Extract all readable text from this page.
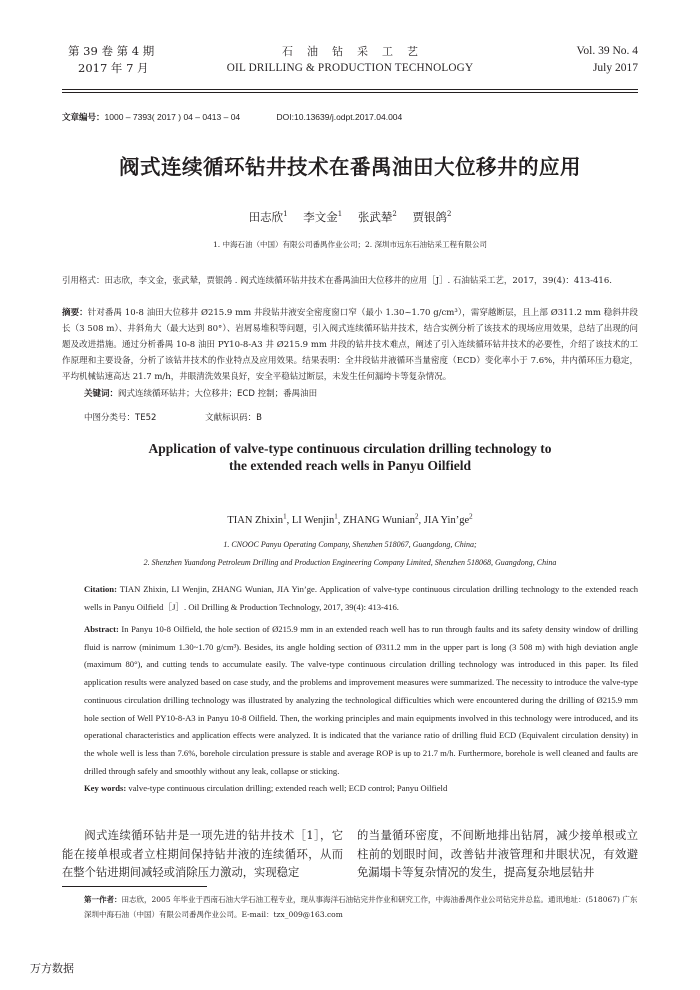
第 39 卷 第 4 期
2017 年 7 月
石油钻采工艺
OIL DRILLING & PRODUCTION TECHNOLOGY
Vol. 39 No. 4
July 2017
文章编号：1000 – 7393( 2017 ) 04 – 0413 – 04	DOI:10.13639/j.odpt.2017.04.004
阀式连续循环钻井技术在番禺油田大位移井的应用
田志欣$^1$ 李文金$^1$ 张武辇$^2$ 贾银鸽$^2$
1. 中海石油（中国）有限公司番禺作业公司；2. 深圳市远东石油钻采工程有限公司
引用格式：田志欣，李文金，张武辇，贾银鸽 . 阀式连续循环钻井技术在番禺油田大位移井的应用［J］. 石油钻采工艺，2017，39(4)：413-416.
摘要：针对番禺 10-8 油田大位移井 Ø215.9 mm 井段钻井液安全密度窗口窄（最小 1.30~1.70 g/cm³），需穿越断层，且上部 Ø311.2 mm 稳斜井段长（3 508 m）、井斜角大（最大达到 80°）、岩屑易堆积等问题，引入阀式连续循环钻井技术，结合实例分析了该技术的现场应用效果，总结了出现的问题及改进措施。通过分析番禺 10-8 油田 PY10-8-A3 井 Ø215.9 mm 井段的钻井技术难点，阐述了引入连续循环钻井技术的必要性，介绍了该技术的工作原理和主要设备，分析了该钻井技术的作业特点及应用效果。结果表明：全井段钻井液循环当量密度（ECD）变化率小于 7.6%，井内循环压力稳定，平均机械钻速高达 21.7 m/h，井眼清洗效果良好，安全平稳钻过断层，未发生任何漏垮卡等复杂情况。
关键词：阀式连续循环钻井；大位移井；ECD 控制；番禺油田
中图分类号：TE52	文献标识码：B
Application of valve-type continuous circulation drilling technology to
the extended reach wells in Panyu Oilfield
TIAN Zhixin$^1$, LI Wenjin$^1$, ZHANG Wunian$^2$, JIA $Yin’ge^2$
1. CNOOC Panyu Operating Company, Shenzhen 518067, Guangdong, China;
2. Shenzhen Yuandong Petroleum Drilling and Production Engineering Company Limited, Shenzhen 518068, Guangdong, China
Citation: TIAN Zhixin, LI Wenjin, ZHANG Wunian, JIA Yin’ge. Application of valve-type continuous circulation drilling technology to the extended reach wells in Panyu Oilfield［J］. Oil Drilling & Production Technology, 2017, 39(4): 413-416.
Abstract: In Panyu 10-8 Oilfield, the hole section of Ø215.9 mm in an extended reach well has to run through faults and its safety density window of drilling fluid is narrow (minimum 1.30~1.70 g/cm³). Besides, its angle holding section of Ø311.2 mm in the upper part is long (3 508 m) with high deviation angle (maximum 80°), and cutting tends to accumulate easily. The valve-type continuous circulation drilling technology was introduced in this paper. Its filed application results were analyzed based on case study, and the problems and improvement measures were summarized. The necessity to introduce the valve-type continuous circulation drilling technology was illustrated by analyzing the technological difficulties which were encountered during the drilling of Ø215.9 mm hole section of Well PY10-8-A3 in Panyu 10-8 Oilfield. Then, the working principles and main equipments involved in this technology were introduced, and its operational characteristics and application effects were analyzed. It is indicated that the variance ratio of drilling fluid ECD (Equivalent circulation density) in the whole well is less than 7.6%, borehole circulation pressure is stable and average ROP is up to 21.7 m/h. Furthermore, borehole is well cleaned and faults are drilled through safely and smoothly without any leak, collapse or sticking.
Key words: valve-type continuous circulation drilling; extended reach well; ECD control; Panyu Oilfield
阀式连续循环钻井是一项先进的钻井技术［1］，它能在接单根或者立柱期间保持钻井液的连续循环，从而在整个钻进期间减轻或消除压力激动，实现稳定
的当量循环密度，不间断地排出钻屑，减少接单根或立柱前的划眼时间，改善钻井液管理和井眼状况，有效避免漏塌卡等复杂情况的发生，提高复杂地层钻井
第一作者：田志欣，2005 年毕业于西南石油大学石油工程专业，现从事海洋石油钻完井作业和研究工作，中海油番禺作业公司钻完井总监。通讯地址：(518067) 广东深圳中海石油（中国）有限公司番禺作业公司。E-mail：tzx_009@163.com
万方数据
